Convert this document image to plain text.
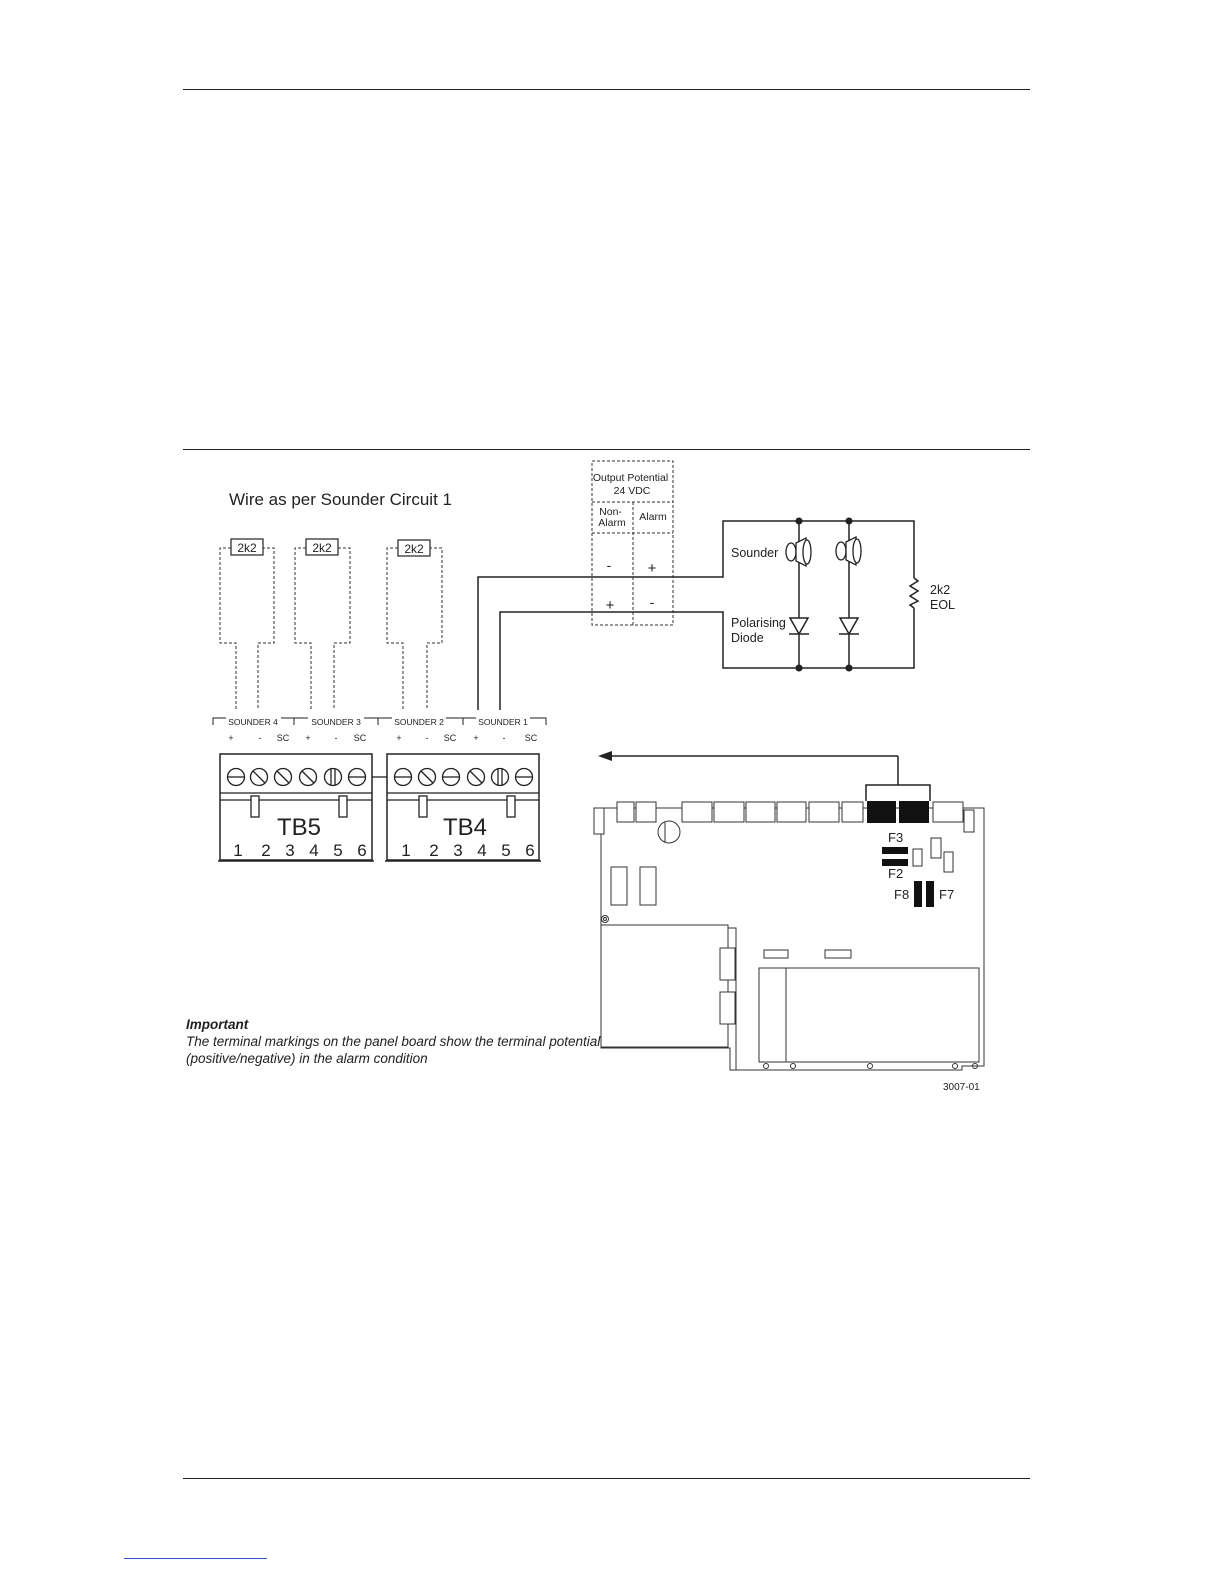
Wire as per Sounder Circuit 1
2k2	2k2	2k2
Output Potential 24 VDC
Non- Alarm Alarm
- +
+	-
Sounder
Polarising Diode
2k2 EOL
SOUNDER 4	SOUNDER 3	SOUNDER 2	SOUNDER 1
+	- SC +	- SC	+	- SC +	- SC
TB5
1 2 3 4 5 6
TB4
1 2 3 4 5 6
F3
F2
F8 F7
3007-01
Important
The terminal markings on the panel board show the terminal potential (positive/negative) in the alarm condition
